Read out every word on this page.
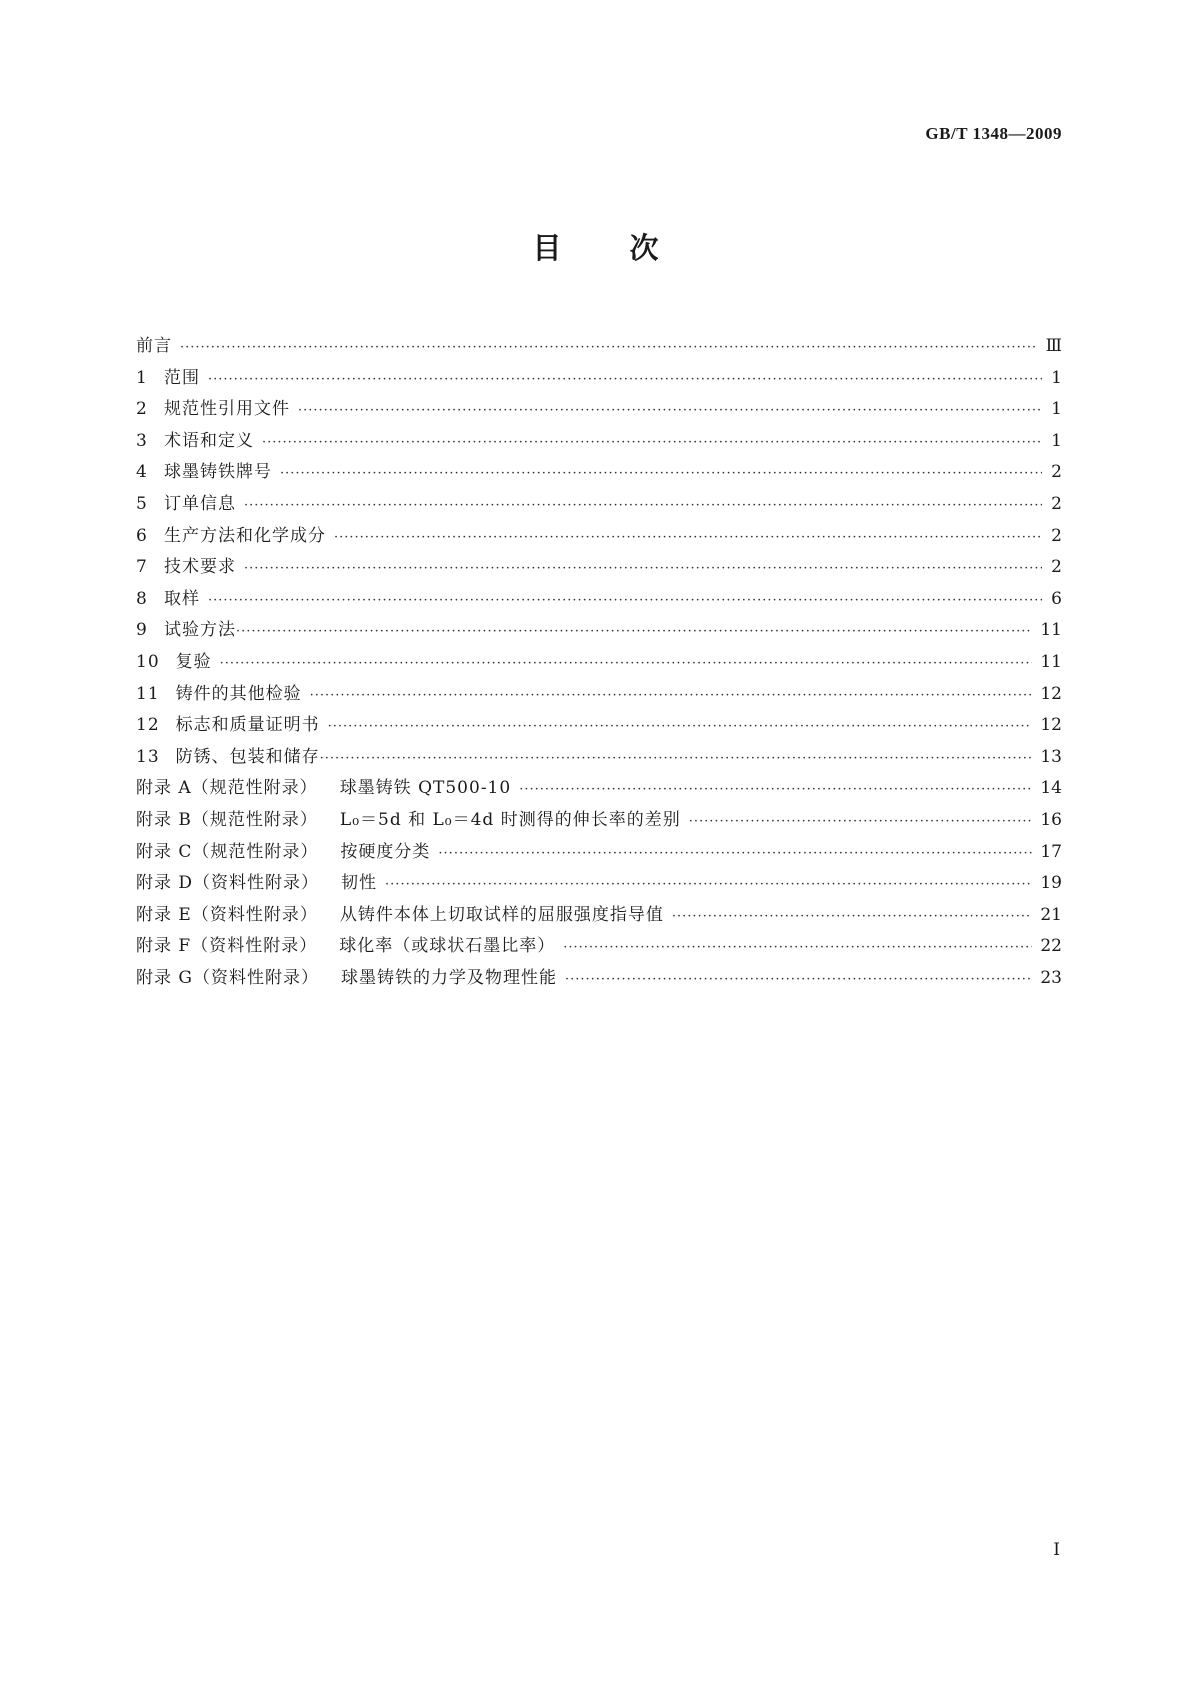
GB/T 1348—2009
目次
前言 ·····	Ⅲ
1 范围 ·····	1
2 规范性引用文件 ·····	1
3 术语和定义 ·····	1
4 球墨铸铁牌号 ·····	2
5 订单信息 ·····	2
6 生产方法和化学成分 ·····	2
7 技术要求 ·····	2
8 取样 ·····	6
9 试验方法 ·····	11
10 复验 ·····	11
11 铸件的其他检验 ·····	12
12 标志和质量证明书 ·····	12
13 防锈、包装和储存 ·····	13
附录 A（规范性附录） 球墨铸铁 QT500-10 ·····	14
附录 B（规范性附录） L₀＝5d 和 L₀＝4d 时测得的伸长率的差别 ·····	16
附录 C（规范性附录） 按硬度分类 ·····	17
附录 D（资料性附录） 韧性 ·····	19
附录 E（资料性附录） 从铸件本体上切取试样的屈服强度指导值 ·····	21
附录 F（资料性附录） 球化率（或球状石墨比率） ·····	22
附录 G（资料性附录） 球墨铸铁的力学及物理性能 ·····	23
I
